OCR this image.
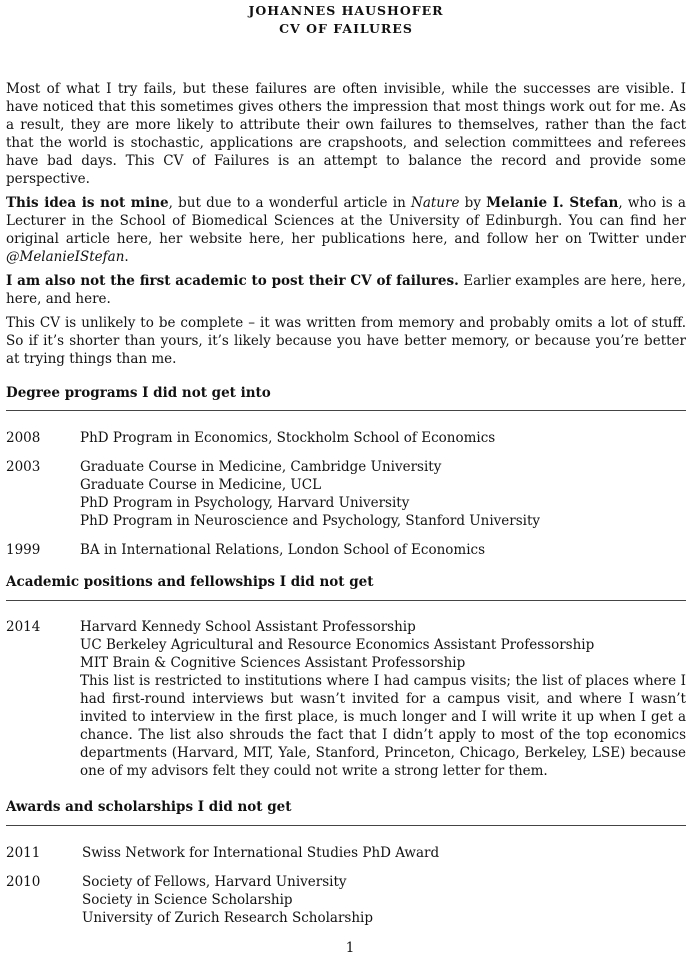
JOHANNES HAUSHOFER
CV OF FAILURES

Most of what I try fails, but these failures are often invisible, while the successes are visible. I have noticed that this sometimes gives others the impression that most things work out for me. As a result, they are more likely to attribute their own failures to themselves, rather than the fact that the world is stochastic, applications are crapshoots, and selection committees and referees have bad days. This CV of Failures is an attempt to balance the record and provide some perspective.

This idea is not mine, but due to a wonderful article in Nature by Melanie I. Stefan, who is a Lecturer in the School of Biomedical Sciences at the University of Edinburgh. You can find her original article here, her website here, her publications here, and follow her on Twitter under @MelanieIStefan.

I am also not the first academic to post their CV of failures. Earlier examples are here, here, here, and here.

This CV is unlikely to be complete – it was written from memory and probably omits a lot of stuff. So if it’s shorter than yours, it’s likely because you have better memory, or because you’re better at trying things than me.

Degree programs I did not get into
2008	PhD Program in Economics, Stockholm School of Economics
2003	Graduate Course in Medicine, Cambridge University
Graduate Course in Medicine, UCL
PhD Program in Psychology, Harvard University
PhD Program in Neuroscience and Psychology, Stanford University
1999	BA in International Relations, London School of Economics
Academic positions and fellowships I did not get
2014	Harvard Kennedy School Assistant Professorship
UC Berkeley Agricultural and Resource Economics Assistant Professorship
MIT Brain & Cognitive Sciences Assistant Professorship
This list is restricted to institutions where I had campus visits; the list of places where I had first-round interviews but wasn’t invited for a campus visit, and where I wasn’t invited to interview in the first place, is much longer and I will write it up when I get a chance. The list also shrouds the fact that I didn’t apply to most of the top economics departments (Harvard, MIT, Yale, Stanford, Princeton, Chicago, Berkeley, LSE) because one of my advisors felt they could not write a strong letter for them.
Awards and scholarships I did not get
2011	Swiss Network for International Studies PhD Award
2010	Society of Fellows, Harvard University
Society in Science Scholarship
University of Zurich Research Scholarship
1
